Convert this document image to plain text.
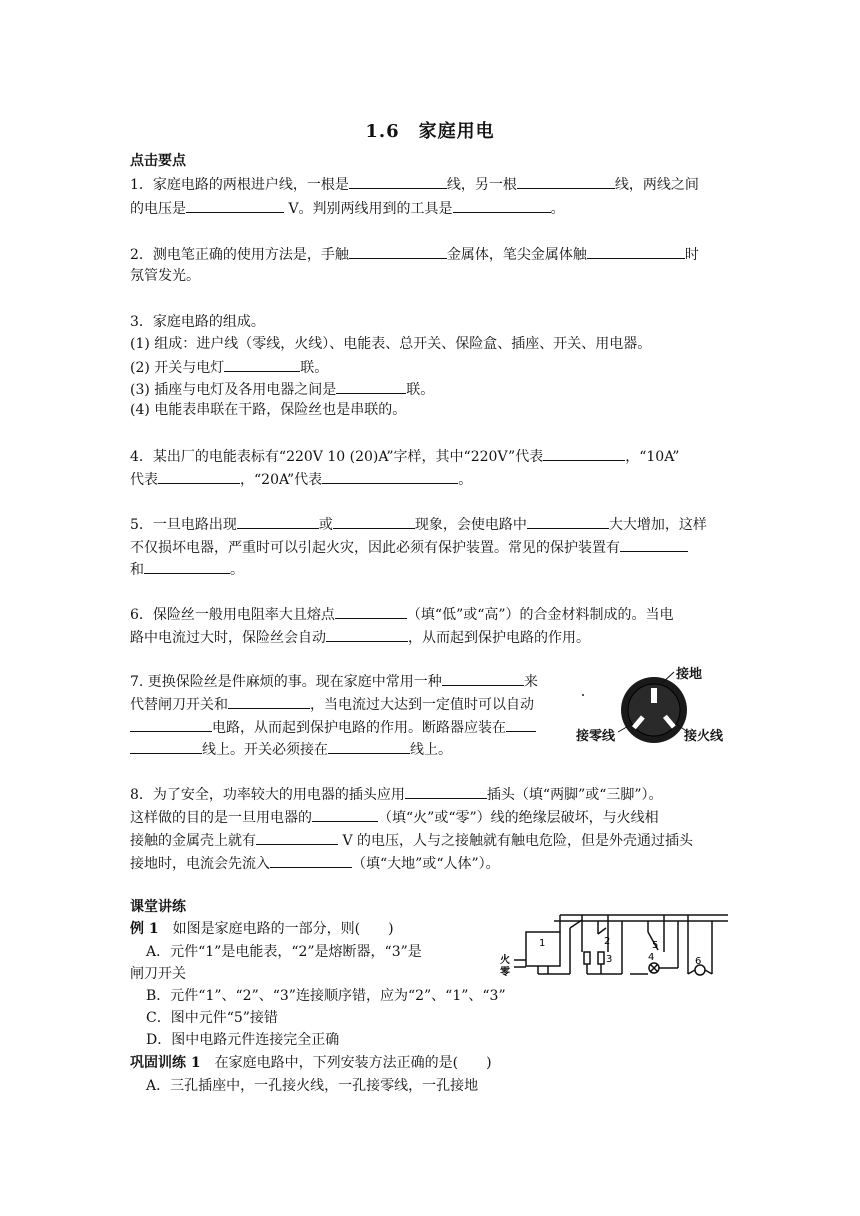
1.6　家庭用电
点击要点
1．家庭电路的两根进户线，一根是	线，另一根	线，两线之间
的电压是	V。判别两线用到的工具是	。
2．测电笔正确的使用方法是，手触	金属体，笔尖金属体触	时
氖管发光。
3．家庭电路的组成。
(1) 组成：进户线（零线，火线）、电能表、总开关、保险盒、插座、开关、用电器。
(2) 开关与电灯	联。
(3) 插座与电灯及各用电器之间是	联。
(4) 电能表串联在干路，保险丝也是串联的。
4．某出厂的电能表标有“220V 10 (20)A”字样，其中“220V”代表	，“10A”
代表	，“20A”代表	。
5．一旦电路出现	或	现象，会使电路中	大大增加，这样
不仅损坏电器，严重时可以引起火灾，因此必须有保护装置。常见的保护装置有
和	。
6．保险丝一般用电阻率大且熔点	（填“低”或“高”）的合金材料制成的。当电
路中电流过大时，保险丝会自动	，从而起到保护电路的作用。
7. 更换保险丝是件麻烦的事。现在家庭中常用一种	来
代替闸刀开关和	，当电流过大达到一定值时可以自动
电路，从而起到保护电路的作用。断路器应装在
线上。开关必须接在	线上。
接地
接零线	接火线
8．为了安全，功率较大的用电器的插头应用	插头（填“两脚”或“三脚”）。
这样做的目的是一旦用电器的	（填“火”或“零”）线的绝缘层破坏，与火线相
接触的金属壳上就有	V 的电压，人与之接触就有触电危险，但是外壳通过插头
接地时，电流会先流入	（填“大地”或“人体”）。
课堂讲练
例 1　如图是家庭电路的一部分，则(　　)
A．元件“1”是电能表，“2”是熔断器，“3”是
闸刀开关
B．元件“1”、“2”、“3”连接顺序错，应为“2”、“1”、“3”
C．图中元件“5”接错
D．图中电路元件连接完全正确
火
零
1	2
3	4
5
6
巩固训练 1　在家庭电路中，下列安装方法正确的是(　　)
A．三孔插座中，一孔接火线，一孔接零线，一孔接地
